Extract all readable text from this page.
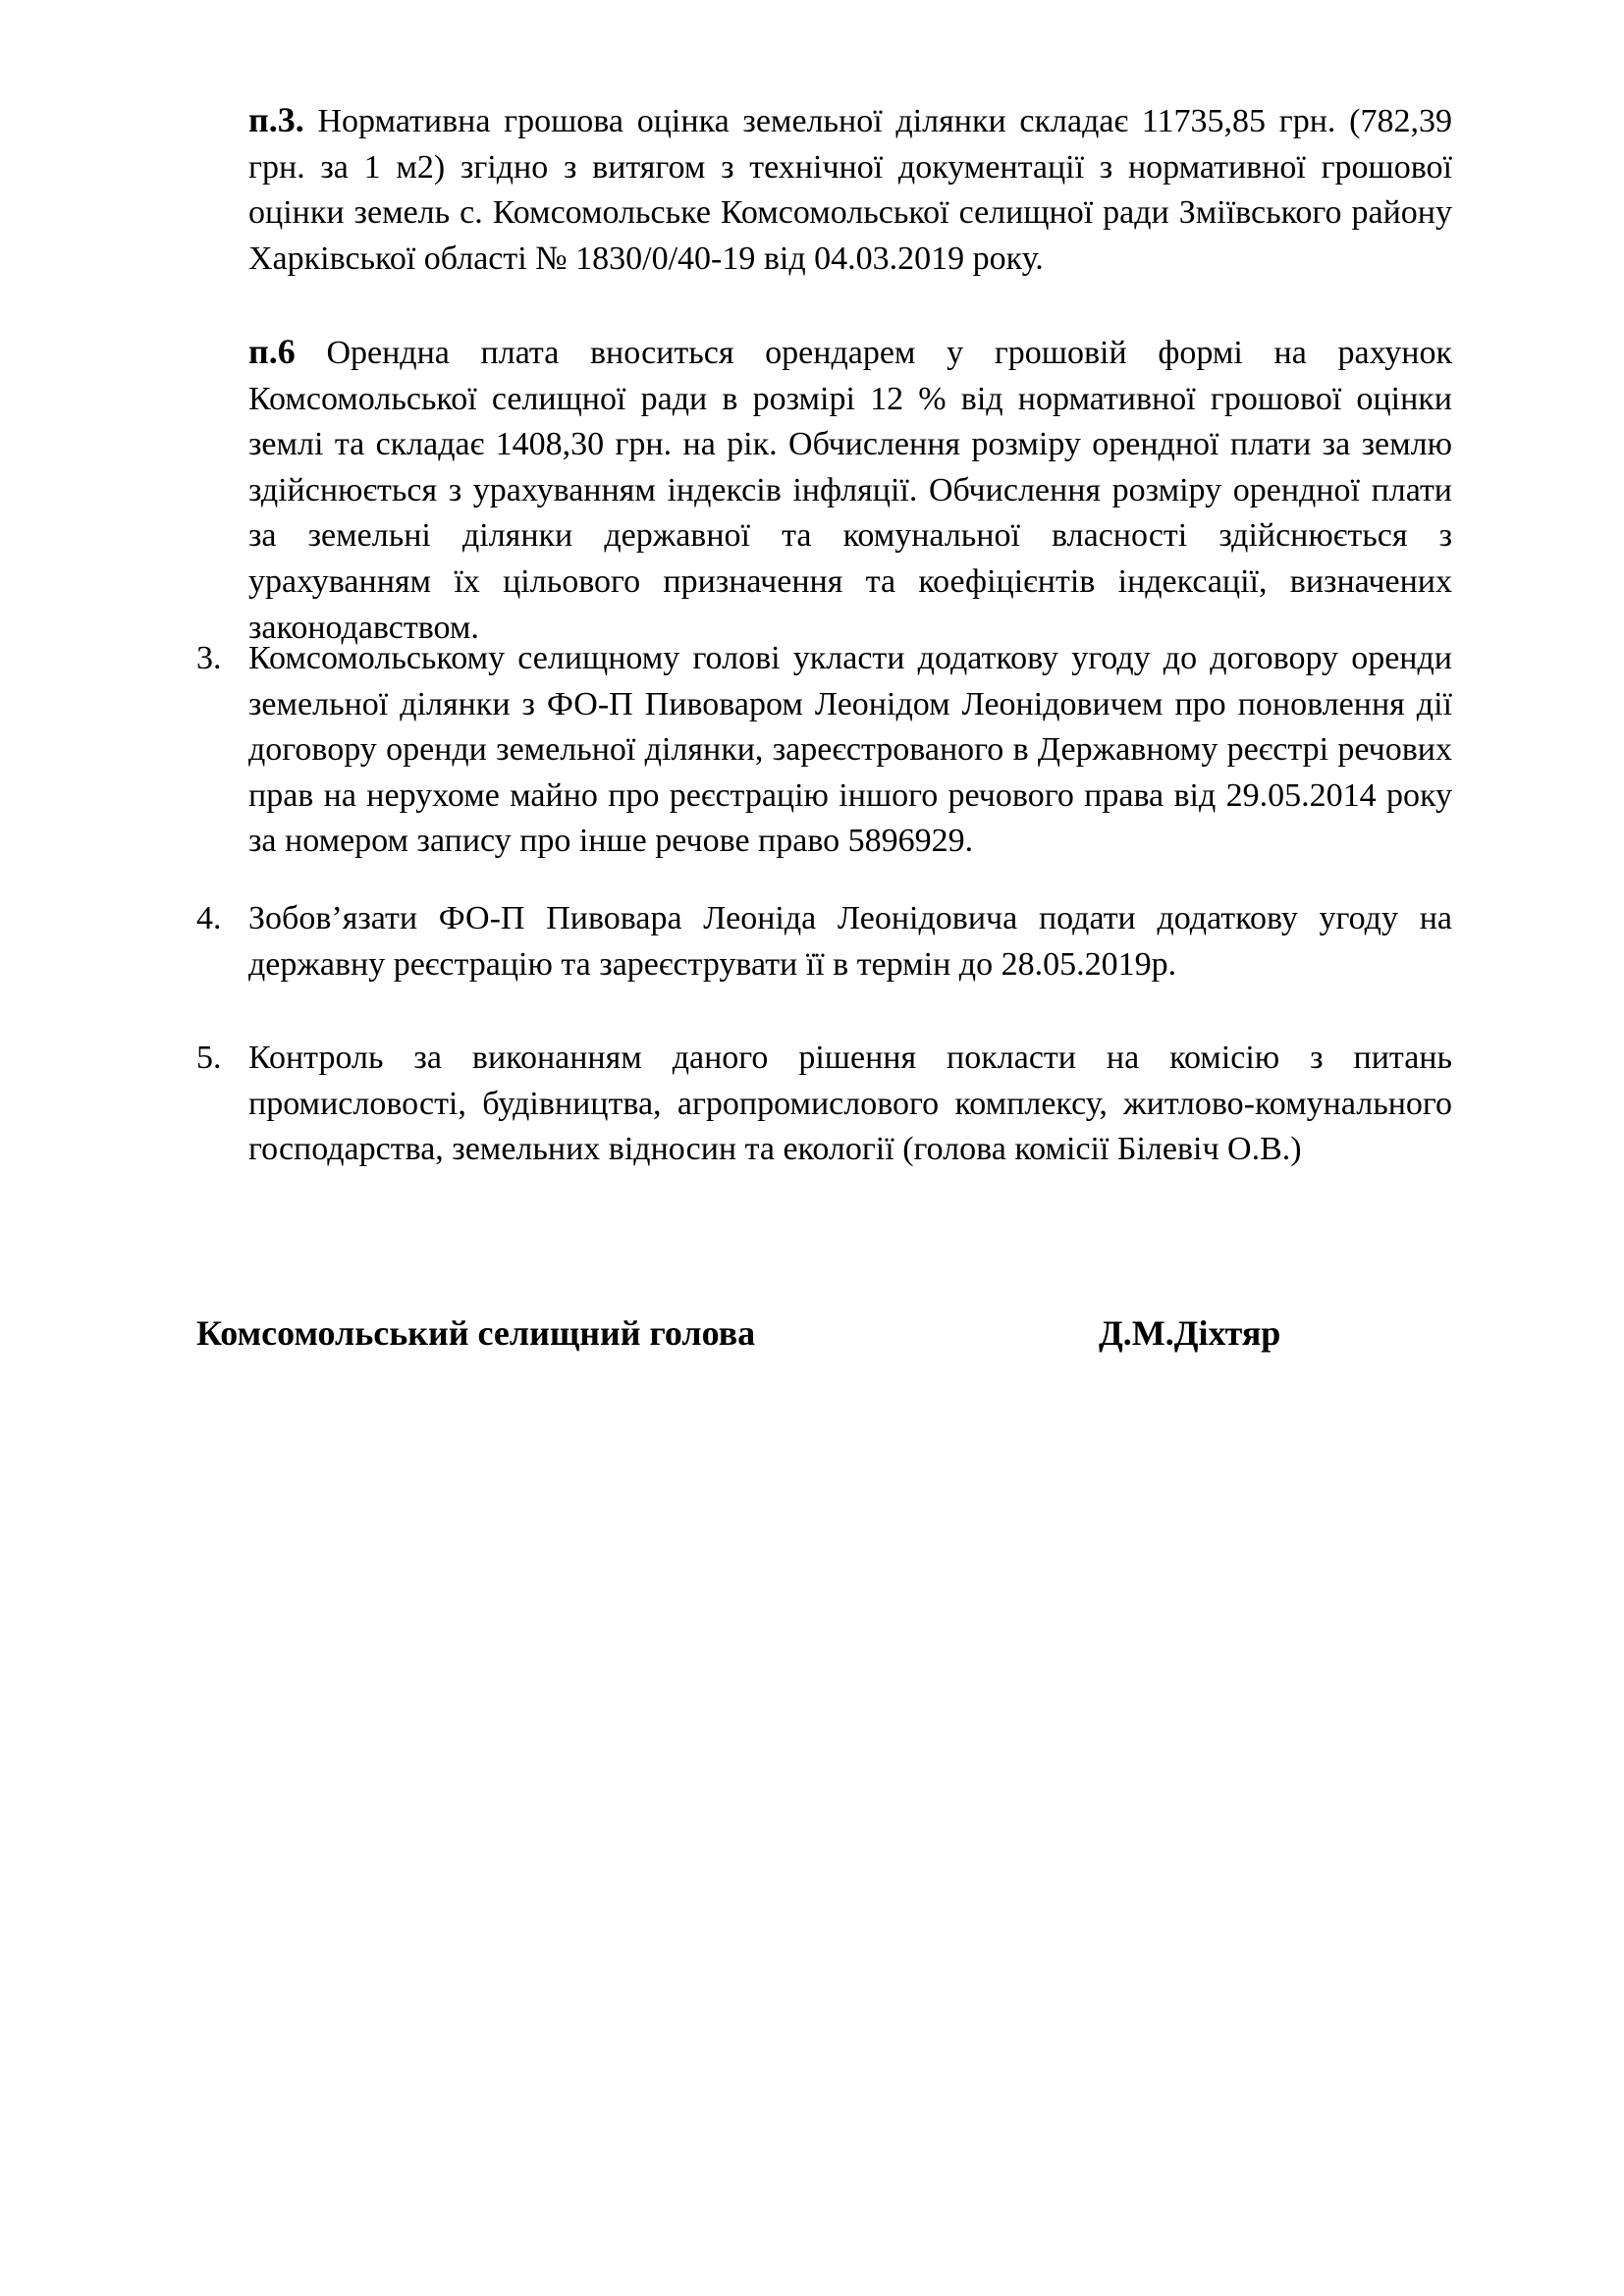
п.3. Нормативна грошова оцінка земельної ділянки складає 11735,85 грн. (782,39 грн. за 1 м2) згідно з витягом з технічної документації з нормативної грошової оцінки земель с. Комсомольське Комсомольської селищної ради Зміївського району Харківської області № 1830/0/40-19 від 04.03.2019 року.

п.6 Орендна плата вноситься орендарем у грошовій формі на рахунок Комсомольської селищної ради в розмірі 12 % від нормативної грошової оцінки землі та складає 1408,30 грн. на рік. Обчислення розміру орендної плати за землю здійснюється з урахуванням індексів інфляції. Обчислення розміру орендної плати за земельні ділянки державної та комунальної власності здійснюється з урахуванням їх цільового призначення та коефіцієнтів індексації, визначених законодавством.

3. Комсомольському селищному голові укласти додаткову угоду до договору оренди земельної ділянки з ФО-П Пивоваром Леонідом Леонідовичем про поновлення дії договору оренди земельної ділянки, зареєстрованого в Державному реєстрі речових прав на нерухоме майно про реєстрацію іншого речового права від 29.05.2014 року за номером запису про інше речове право 5896929.
4. Зобов’язати ФО-П Пивовара Леоніда Леонідовича подати додаткову угоду на державну реєстрацію та зареєструвати її в термін до 28.05.2019р.
5. Контроль за виконанням даного рішення покласти на комісію з питань промисловості, будівництва, агропромислового комплексу, житлово-комунального господарства, земельних відносин та екології (голова комісії Білевіч О.В.)
Комсомольський селищний голова	Д.М.Діхтяр
